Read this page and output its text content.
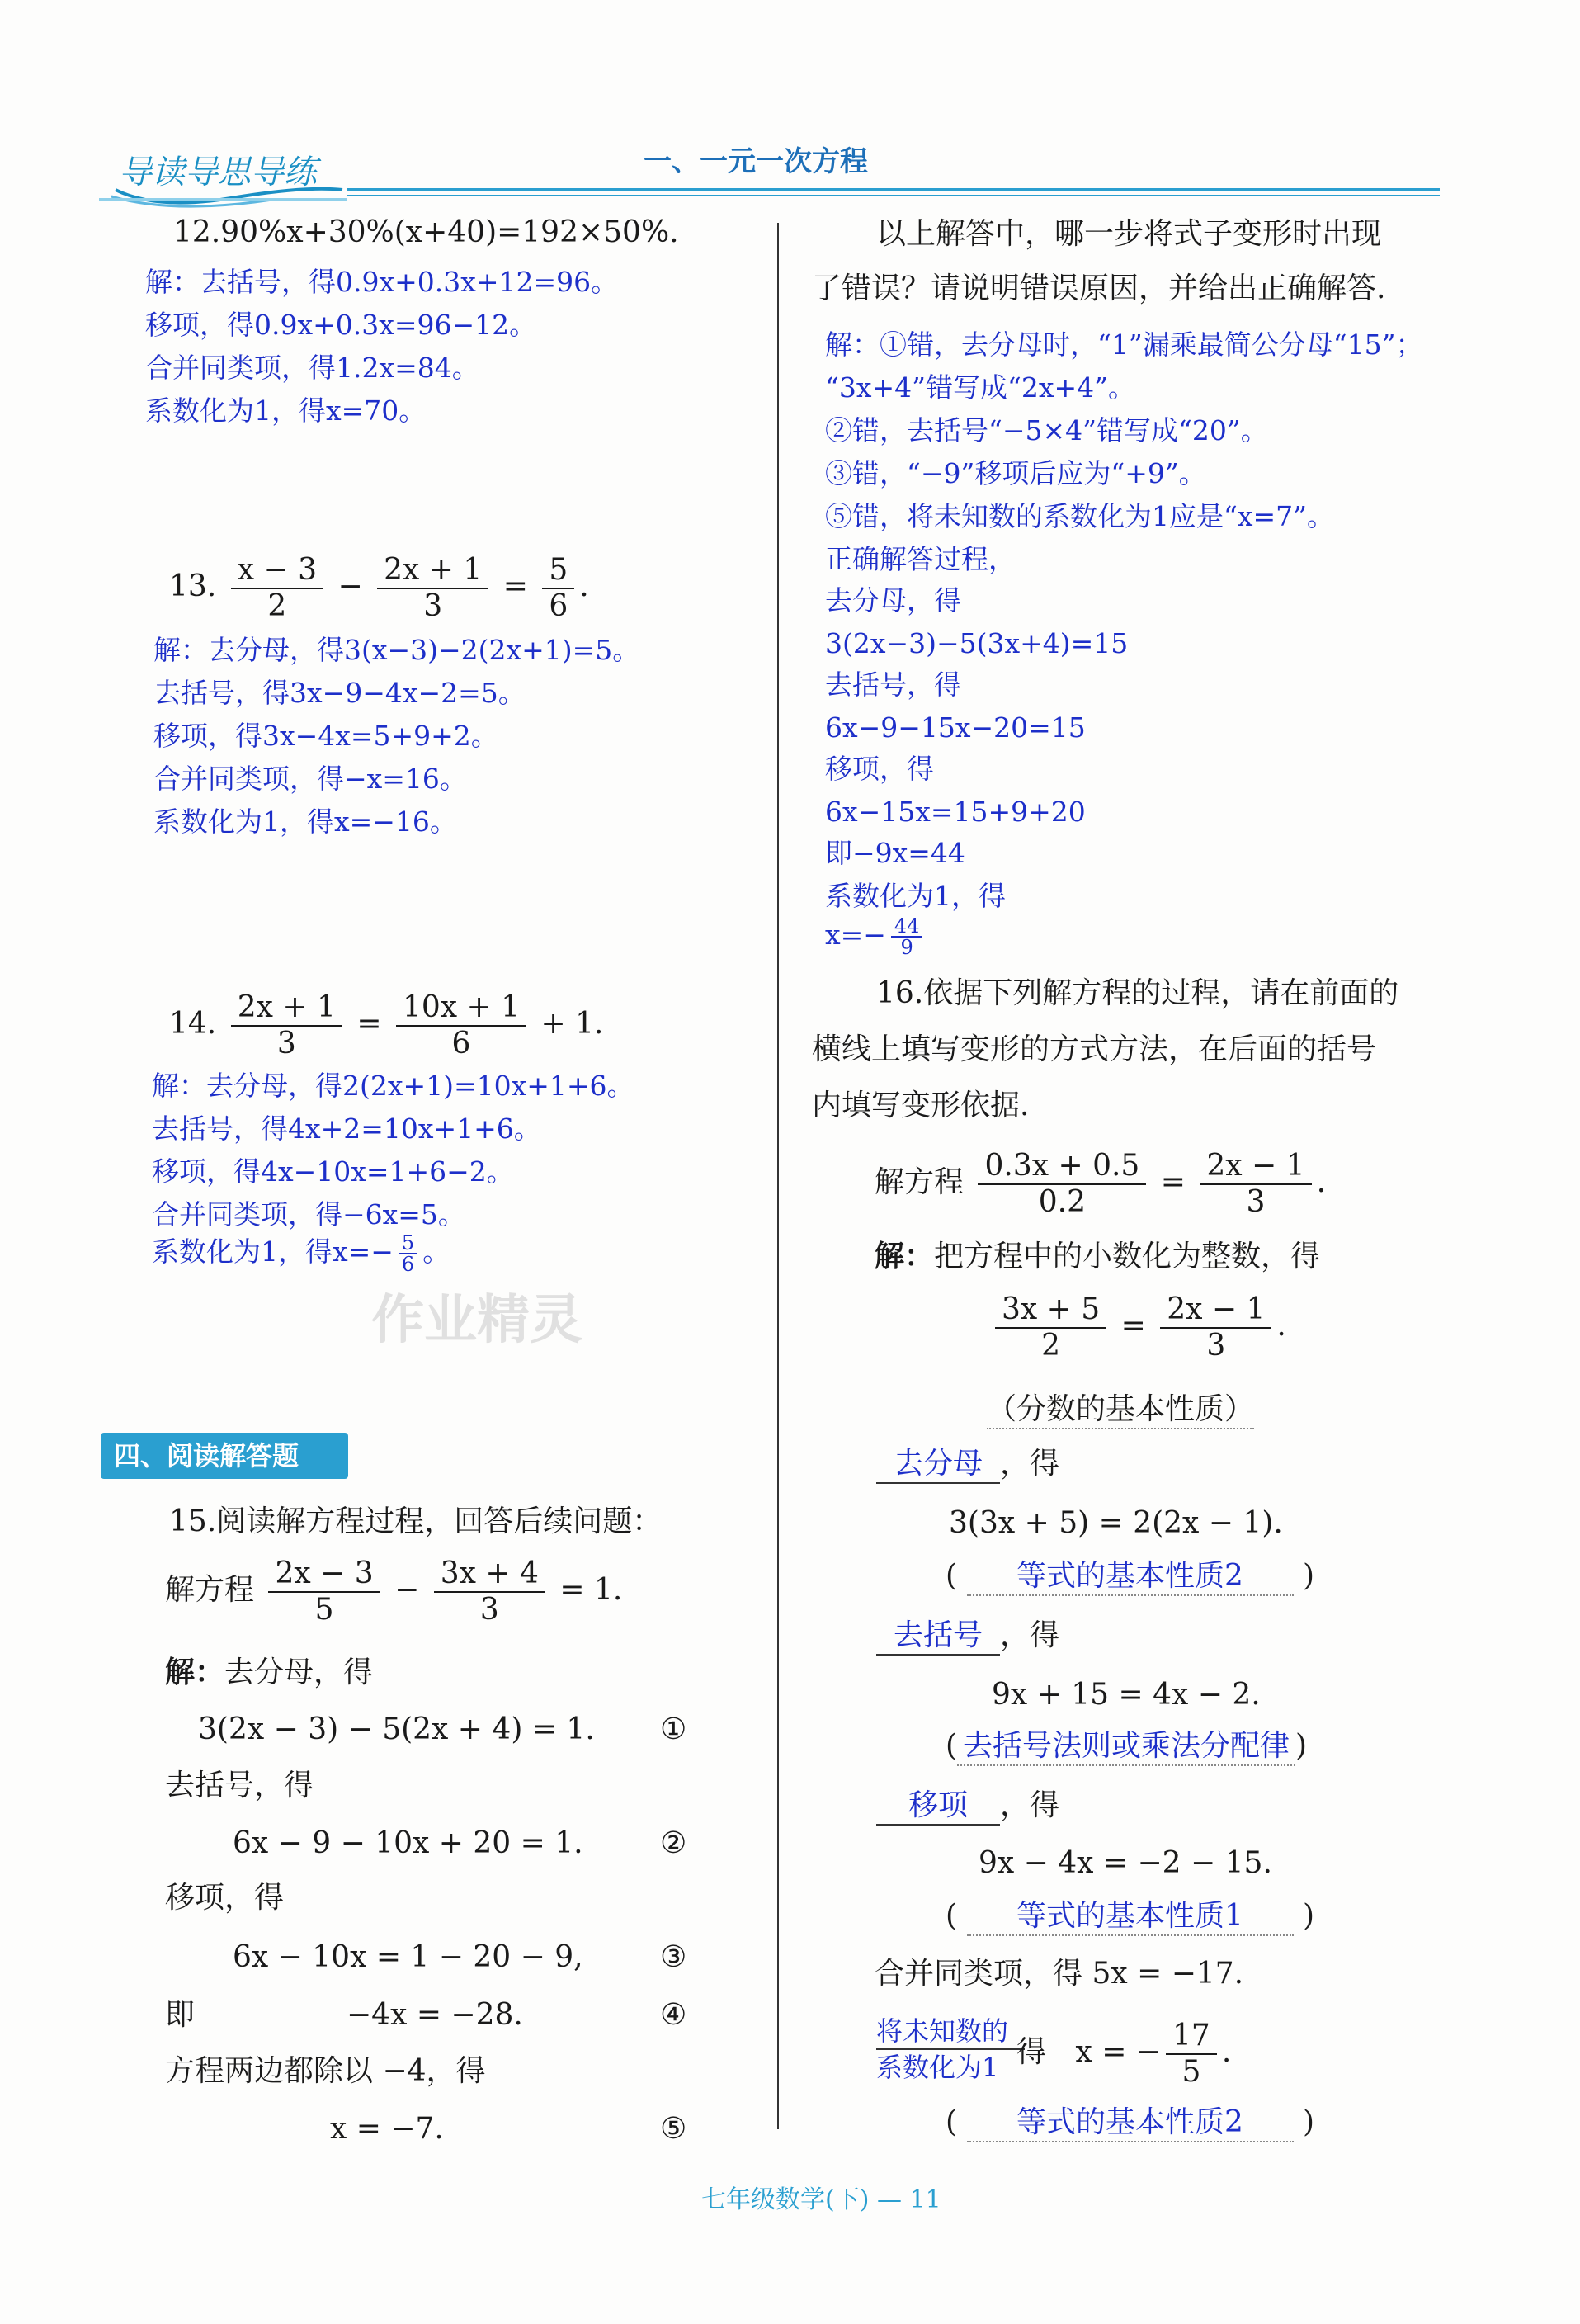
导读导思导练	一、一元一次方程
12.90%x+30%(x+40)=192×50%.
解：去括号，得0.9x+0.3x+12=96。
移项，得0.9x+0.3x=96−12。
合并同类项，得1.2x=84。
系数化为1，得x=70。
13. $\frac{x - 3}{2} - \frac{2x + 1}{3} = \frac{5}{6}$ .
解：去分母，得3(x−3)−2(2x+1)=5。
去括号，得3x−9−4x−2=5。
移项，得3x−4x=5+9+2。
合并同类项，得−x=16。
系数化为1，得x=−16。
14. $\frac{2x + 1}{3} = \frac{10x + 1}{6} + 1$.
解：去分母，得2(2x+1)=10x+1+6。
去括号，得4x+2=10x+1+6。
移项，得4x−10x=1+6−2。
合并同类项，得−6x=5。
系数化为1，得$x=- \frac{5}{6}$ 。
作业精灵
四、阅读解答题
15.阅读解方程过程，回答后续问题：
解方程 $\frac{2x - 3}{5} - \frac{3x + 4}{3} = 1$.
解：去分母，得
3(2x − 3) − 5(2x + 4) = 1. ①
去括号，得
6x − 9 − 10x + 20 = 1.	②
移项，得
6x − 10x = 1 − 20 − 9,	③
即	−4x = −28.	④
方程两边都除以 −4，得
x = −7.	⑤
以上解答中，哪一步将式子变形时出现
了错误？请说明错误原因，并给出正确解答.
解：①错，去分母时，“1”漏乘最简公分母“15”；
“3x+4”错写成“2x+4”。
②错，去括号“−5×4”错写成“20”。
③错，“−9”移项后应为“+9”。
⑤错，将未知数的系数化为1应是“x=7”。
正确解答过程，
去分母，得
3(2x−3)−5(3x+4)=15
去括号，得
6x−9−15x−20=15
移项，得
6x−15x=15+9+20
即−9x=44
系数化为1，得
$x=- \frac{44}{9}$
16.依据下列解方程的过程，请在前面的
横线上填写变形的方式方法，在后面的括号
内填写变形依据.
解方程 $\frac{0.3x + 0.5}{0.2} = \frac{2x - 1}{3}$ .
解：把方程中的小数化为整数，得
$\frac{3x + 5}{2} = \frac{2x - 1}{3}$ .
（分数的基本性质）
去分母 ，得
3(3x + 5) = 2(2x − 1).
( 等式的基本性质2 )
去括号 ，得
9x + 15 = 4x − 2.
( 去括号法则或乘法分配律 )
移项 ，得
9x − 4x = −2 − 15.
( 等式的基本性质1 )
合并同类项，得 5x = −17.
将未知数的
系数化为1 得 x = − $\frac{17}{5}$ .
( 等式的基本性质2 )
七年级数学(下) — 11
